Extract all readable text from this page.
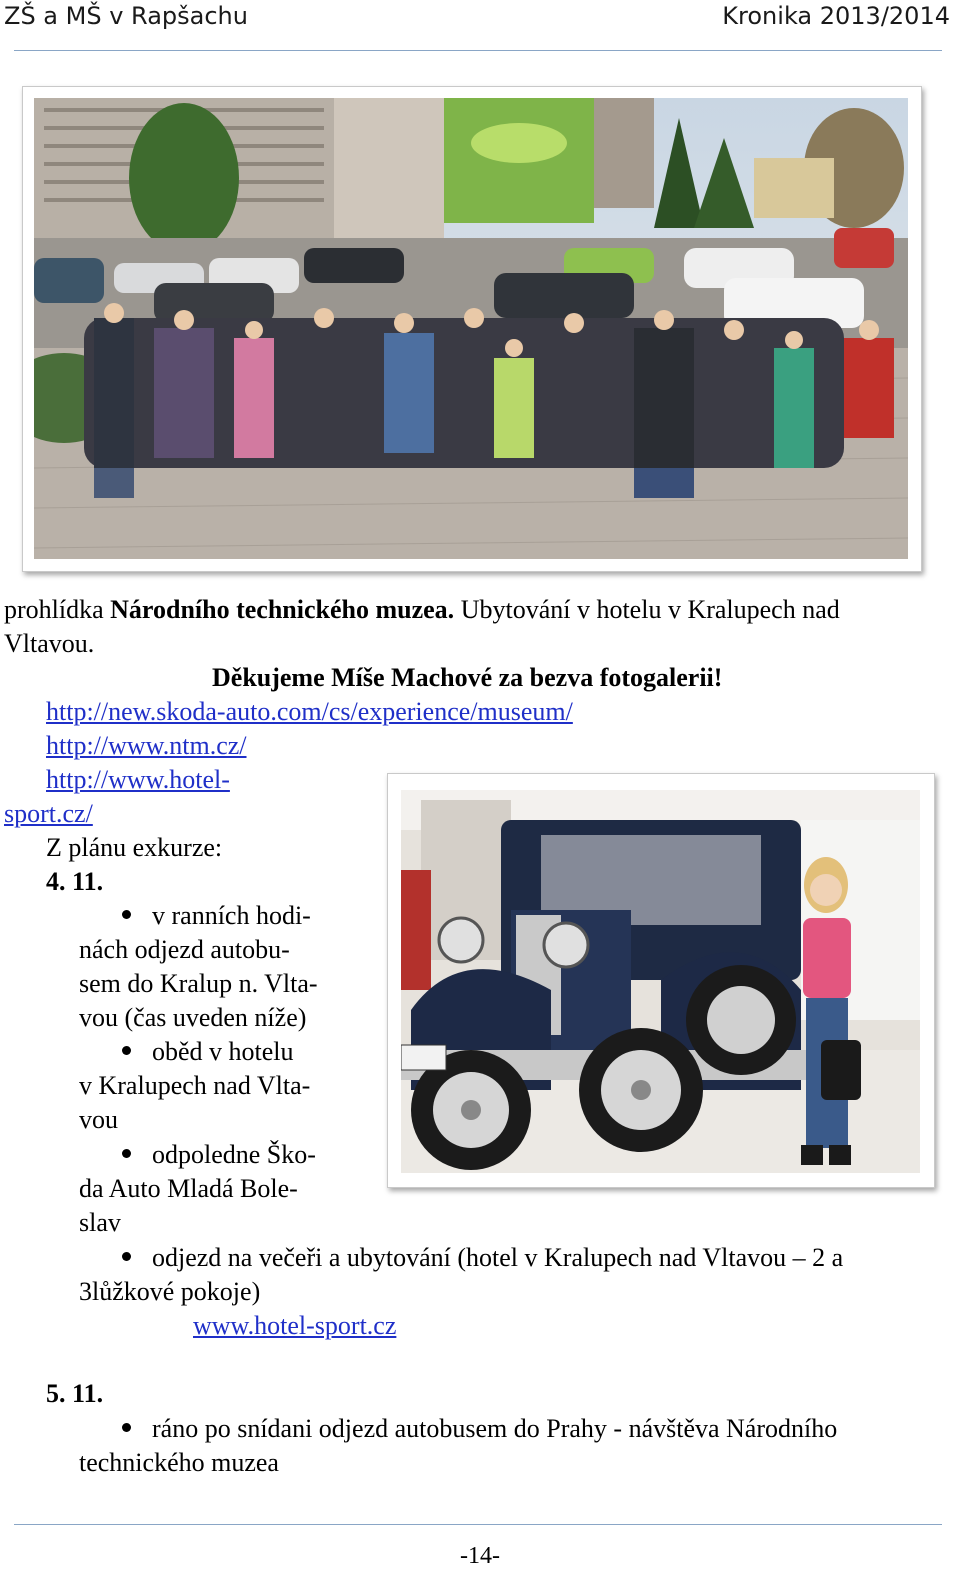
ZŠ a MŠ v Rapšachu	Kronika 2013/2014
prohlídka Národního technického muzea. Ubytování v hotelu v Kralupech nad
Vltavou.
Děkujeme Míše Machové za bezva fotogalerii!
http://new.skoda-auto.com/cs/experience/museum/
http://www.ntm.cz/
http://www.hotel-
sport.cz/
Z plánu exkurze:
4. 11.
v ranních hodi-
nách odjezd autobu-
sem do Kralup n. Vlta-
vou (čas uveden níže)
oběd v hotelu
v Kralupech nad Vlta-
vou
odpoledne Ško-
da Auto Mladá Bole-
slav
odjezd na večeři a ubytování (hotel v Kralupech nad Vltavou – 2 a
3lůžkové pokoje)
www.hotel-sport.cz
5. 11.
ráno po snídani odjezd autobusem do Prahy - návštěva Národního
technického muzea
-14-
